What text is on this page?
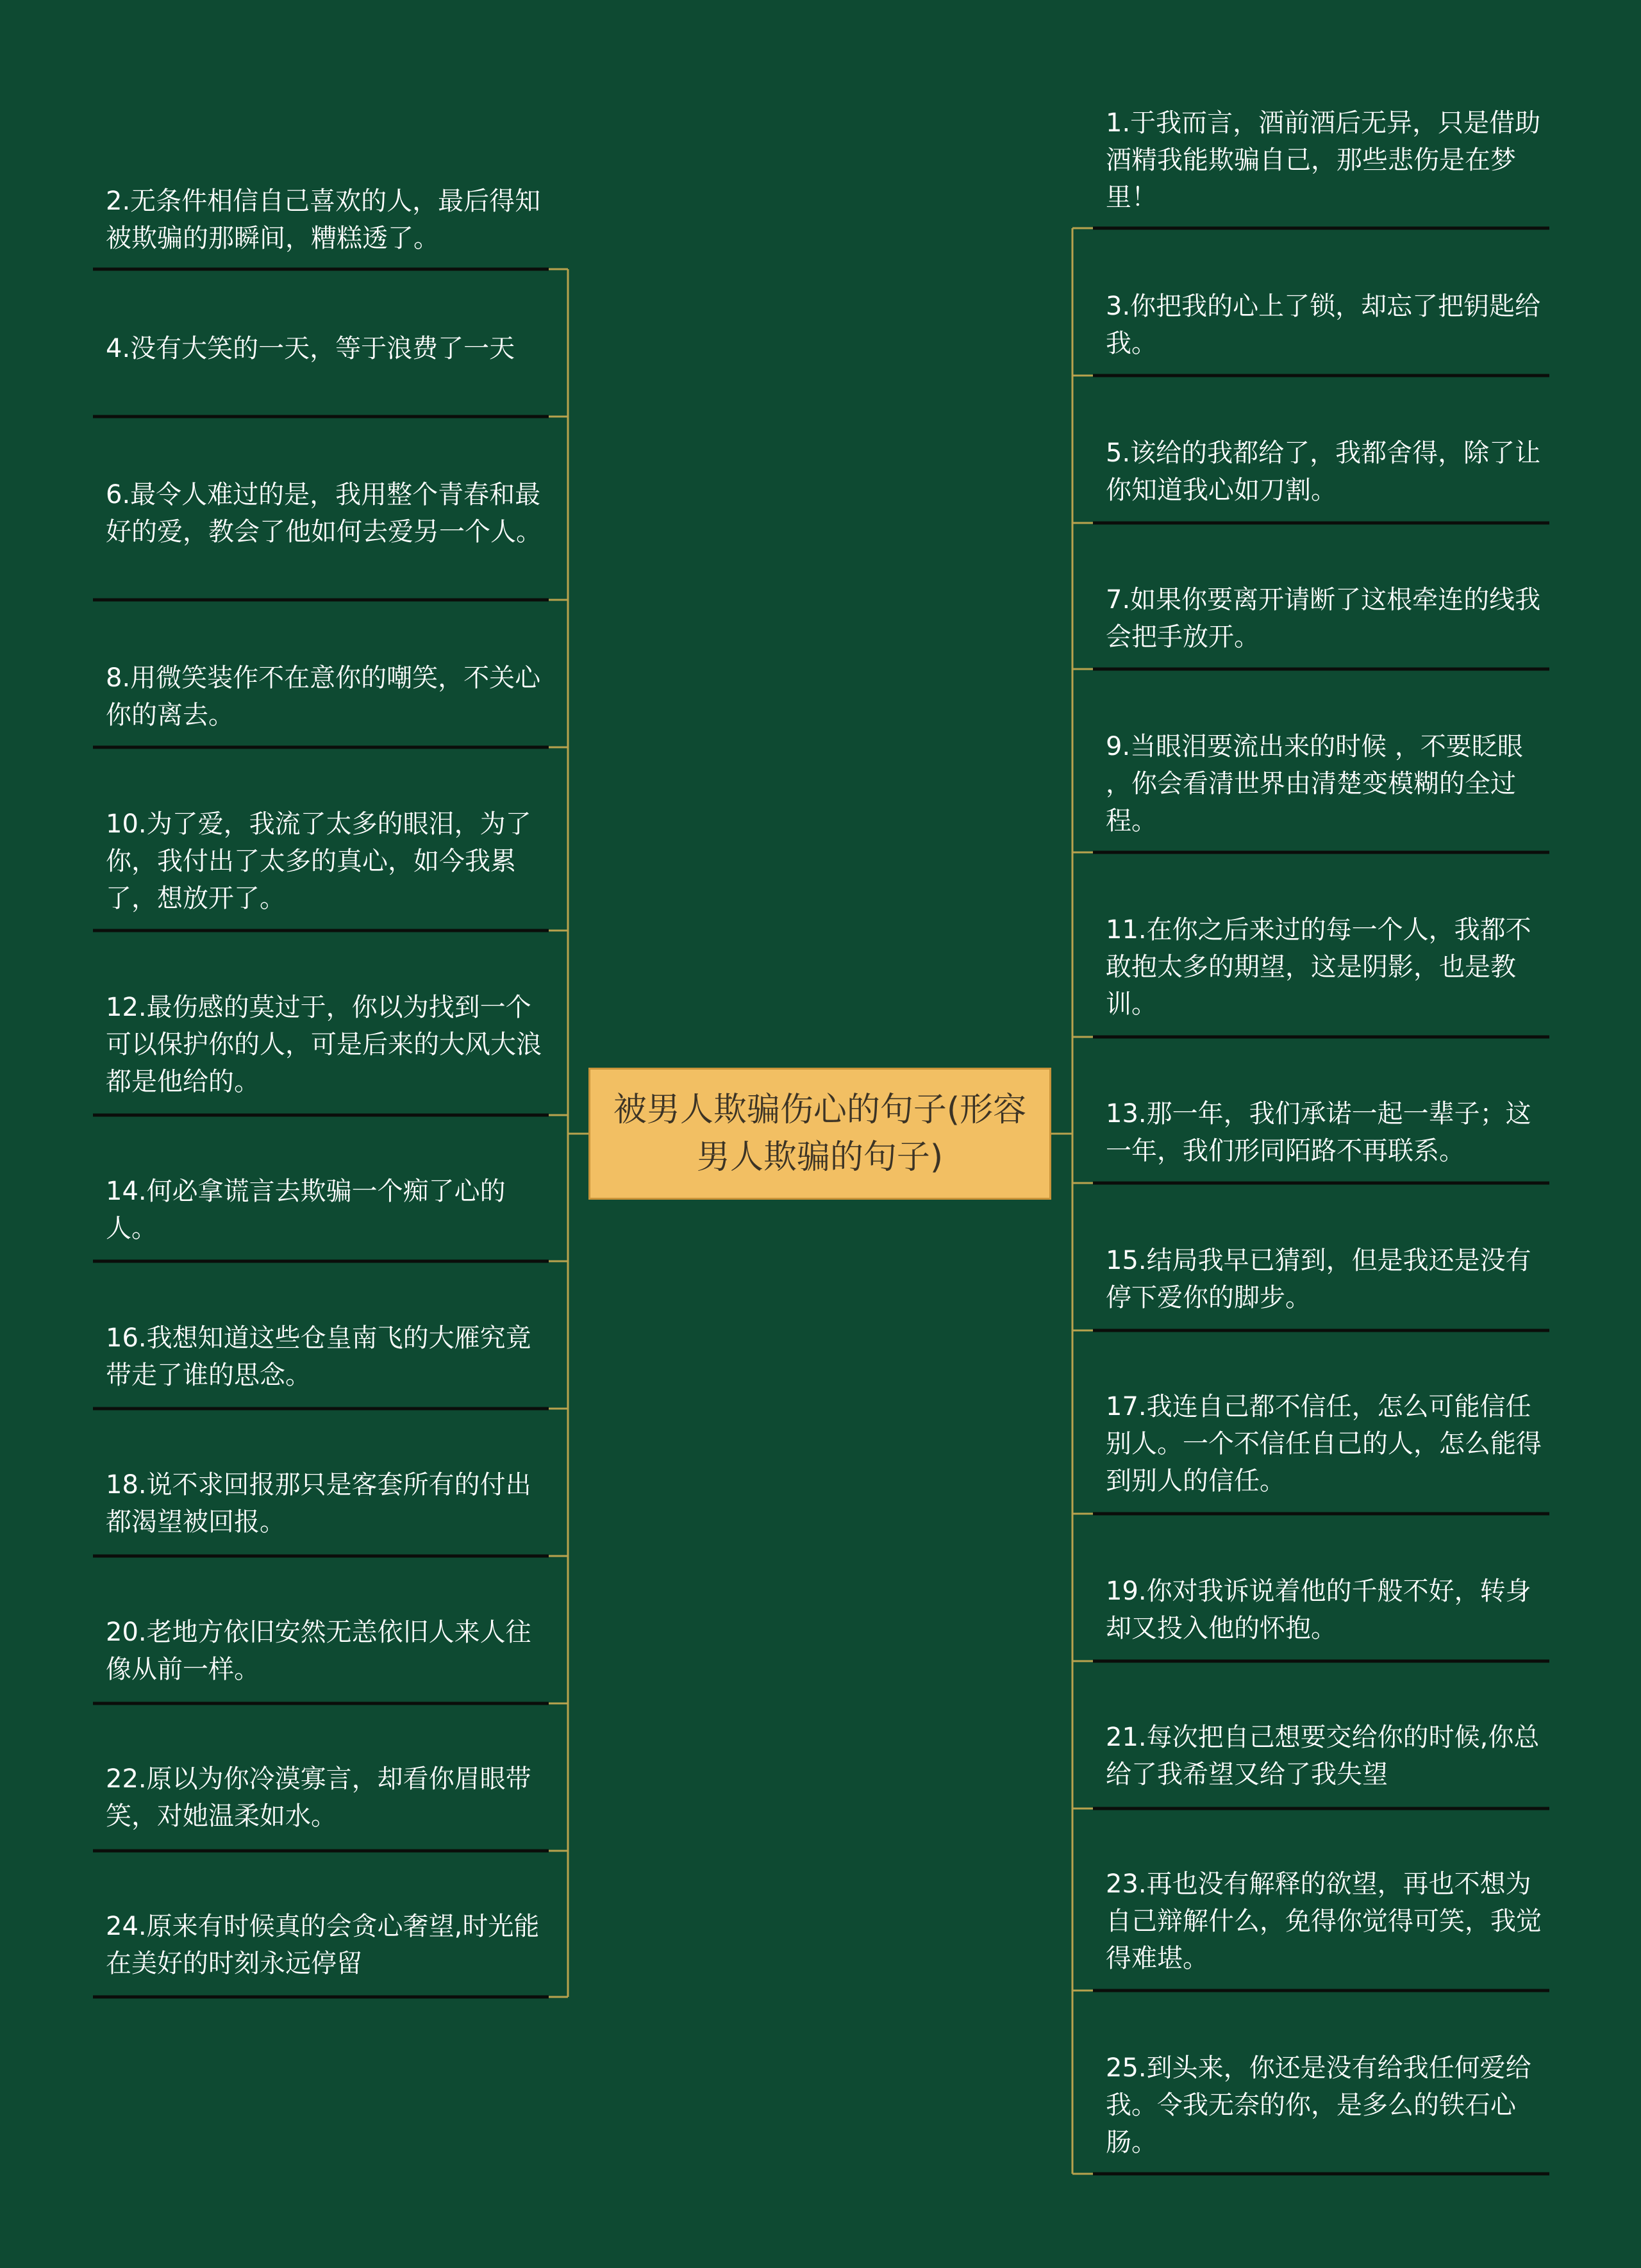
被男人欺骗伤心的句子(形容男人欺骗的句子)
2.无条件相信自己喜欢的人，最后得知被欺骗的那瞬间，糟糕透了。
4.没有大笑的一天，等于浪费了一天
6.最令人难过的是，我用整个青春和最好的爱，教会了他如何去爱另一个人。
8.用微笑装作不在意你的嘲笑，不关心你的离去。
10.为了爱，我流了太多的眼泪，为了你，我付出了太多的真心，如今我累了，想放开了。
12.最伤感的莫过于，你以为找到一个可以保护你的人，可是后来的大风大浪都是他给的。
14.何必拿谎言去欺骗一个痴了心的人。
16.我想知道这些仓皇南飞的大雁究竟带走了谁的思念。
18.说不求回报那只是客套所有的付出都渴望被回报。
20.老地方依旧安然无恙依旧人来人往像从前一样。
22.原以为你冷漠寡言，却看你眉眼带笑，对她温柔如水。
24.原来有时候真的会贪心奢望,时光能在美好的时刻永远停留
1.于我而言，酒前酒后无异，只是借助酒精我能欺骗自己，那些悲伤是在梦里！
3.你把我的心上了锁，却忘了把钥匙给我。
5.该给的我都给了，我都舍得，除了让你知道我心如刀割。
7.如果你要离开请断了这根牵连的线我会把手放开。
9.当眼泪要流出来的时候 ，不要眨眼 ，你会看清世界由清楚变模糊的全过程。
11.在你之后来过的每一个人，我都不敢抱太多的期望，这是阴影，也是教训。
13.那一年，我们承诺一起一辈子；这一年，我们形同陌路不再联系。
15.结局我早已猜到，但是我还是没有停下爱你的脚步。
17.我连自己都不信任，怎么可能信任别人。一个不信任自己的人，怎么能得到别人的信任。
19.你对我诉说着他的千般不好，转身却又投入他的怀抱。
21.每次把自己想要交给你的时候,你总给了我希望又给了我失望
23.再也没有解释的欲望，再也不想为自己辩解什么，免得你觉得可笑，我觉得难堪。
25.到头来，你还是没有给我任何爱给我。令我无奈的你，是多么的铁石心肠。
